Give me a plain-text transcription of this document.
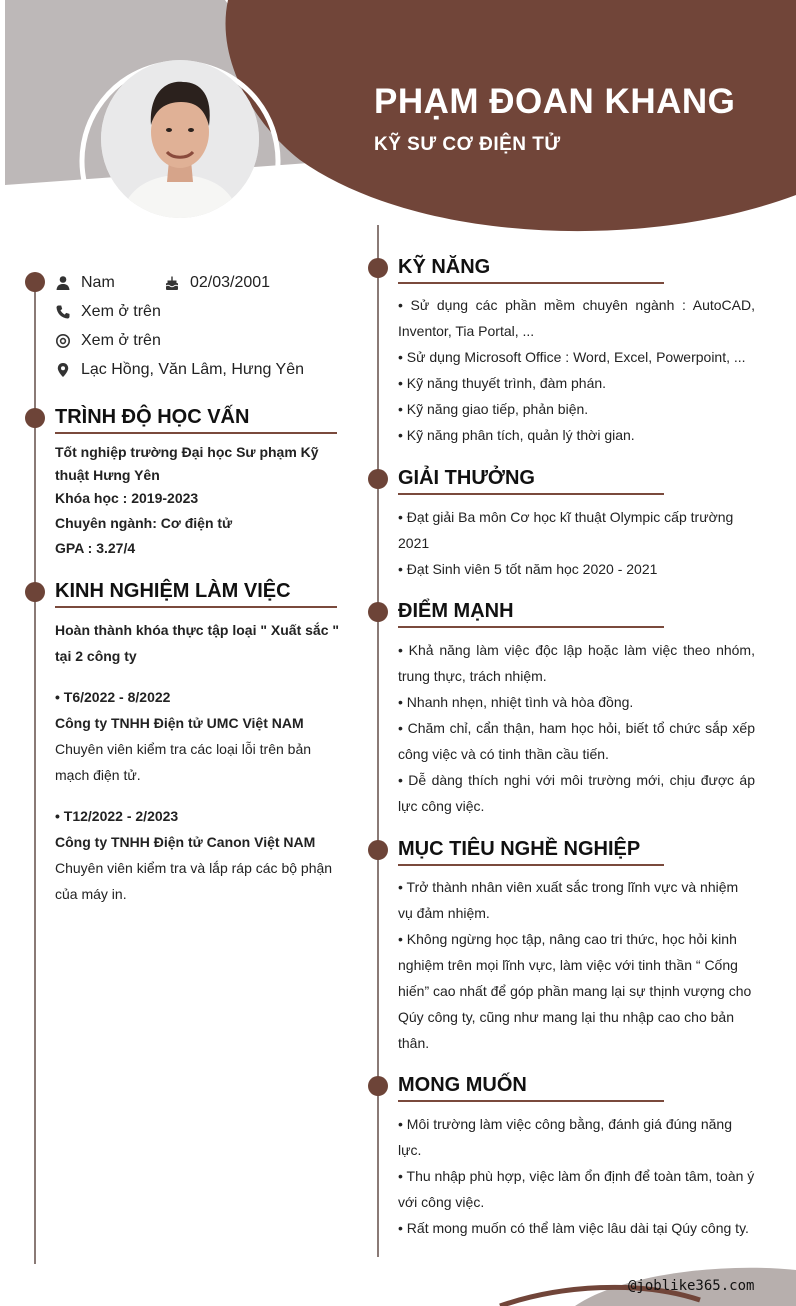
PHẠM ĐOAN KHANG
KỸ SƯ CƠ ĐIỆN TỬ
Nam	02/03/2001
Xem ở trên
Xem ở trên
Lạc Hồng, Văn Lâm, Hưng Yên
TRÌNH ĐỘ HỌC VẤN

Tốt nghiệp trường Đại học Sư phạm Kỹ thuật Hưng Yên

Khóa học : 2019-2023

Chuyên ngành: Cơ điện tử

GPA : 3.27/4

KINH NGHIỆM LÀM VIỆC

Hoàn thành khóa thực tập loại " Xuất sắc " tại 2 công ty

• T6/2022 - 8/2022

Công ty TNHH Điện tử UMC Việt NAM

Chuyên viên kiểm tra các loại lỗi trên bản mạch điện tử.

• T12/2022 - 2/2023

Công ty TNHH Điện tử Canon Việt NAM

Chuyên viên kiểm tra và lắp ráp các bộ phận của máy in.

KỸ NĂNG

• Sử dụng các phần mềm chuyên ngành : AutoCAD, Inventor, Tia Portal, ...

• Sử dụng Microsoft Office : Word, Excel, Powerpoint, ...

• Kỹ năng thuyết trình, đàm phán.

• Kỹ năng giao tiếp, phản biện.

• Kỹ năng phân tích, quản lý thời gian.

GIẢI THƯỞNG

• Đạt giải Ba môn Cơ học kĩ thuật Olympic cấp trường 2021

• Đạt Sinh viên 5 tốt năm học 2020 - 2021

ĐIỂM MẠNH

• Khả năng làm việc độc lập hoặc làm việc theo nhóm, trung thực, trách nhiệm.

• Nhanh nhẹn, nhiệt tình và hòa đồng.

• Chăm chỉ, cẩn thận, ham học hỏi, biết tổ chức sắp xếp công việc và có tinh thần cầu tiến.

• Dễ dàng thích nghi với môi trường mới, chịu được áp lực công việc.

MỤC TIÊU NGHỀ NGHIỆP

• Trở thành nhân viên xuất sắc trong lĩnh vực và nhiệm vụ đảm nhiệm.

• Không ngừng học tập, nâng cao tri thức, học hỏi kinh nghiệm trên mọi lĩnh vực, làm việc với tinh thần “ Cống hiến” cao nhất để góp phần mang lại sự thịnh vượng cho Qúy công ty, cũng như mang lại thu nhập cao cho bản thân.

MONG MUỐN

• Môi trường làm việc công bằng, đánh giá đúng năng lực.

• Thu nhập phù hợp, việc làm ổn định để toàn tâm, toàn ý với công việc.

• Rất mong muốn có thể làm việc lâu dài tại Qúy công ty.

@joblike365.com
